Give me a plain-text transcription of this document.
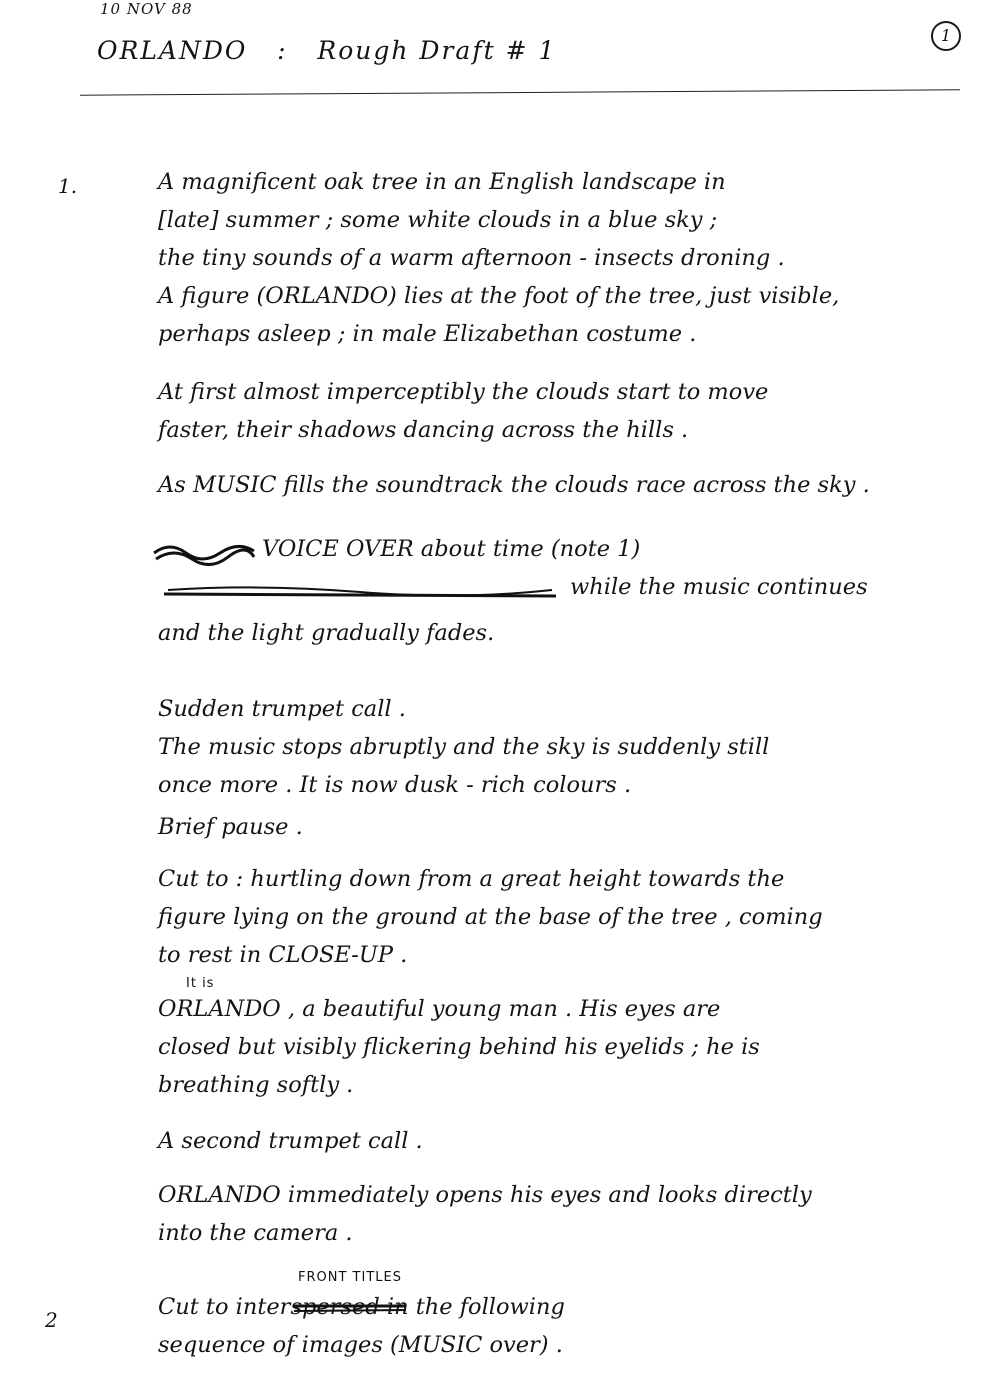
10 NOV 88
ORLANDO : Rough Draft # 1
1
1.	A magnificent oak tree in an English landscape in
[late] summer ; some white clouds in a blue sky ;
the tiny sounds of a warm afternoon - insects droning .
A figure (ORLANDO) lies at the foot of the tree, just visible,
perhaps asleep ; in male Elizabethan costume .
At first almost imperceptibly the clouds start to move
faster, their shadows dancing across the hills .
As MUSIC fills the soundtrack the clouds race across the sky .
VOICE OVER about time (note 1)
while the music continues
and the light gradually fades.
Sudden trumpet call .
The music stops abruptly and the sky is suddenly still
once more . It is now dusk - rich colours .
Brief pause .
Cut to : hurtling down from a great height towards the
figure lying on the ground at the base of the tree , coming
to rest in CLOSE-UP .
It is
ORLANDO , a beautiful young man . His eyes are
closed but visibly flickering behind his eyelids ; he is
breathing softly .
A second trumpet call .
ORLANDO immediately opens his eyes and looks directly
into the camera .
FRONT TITLES
2	Cut to interspersed in the following
sequence of images (MUSIC over) .
